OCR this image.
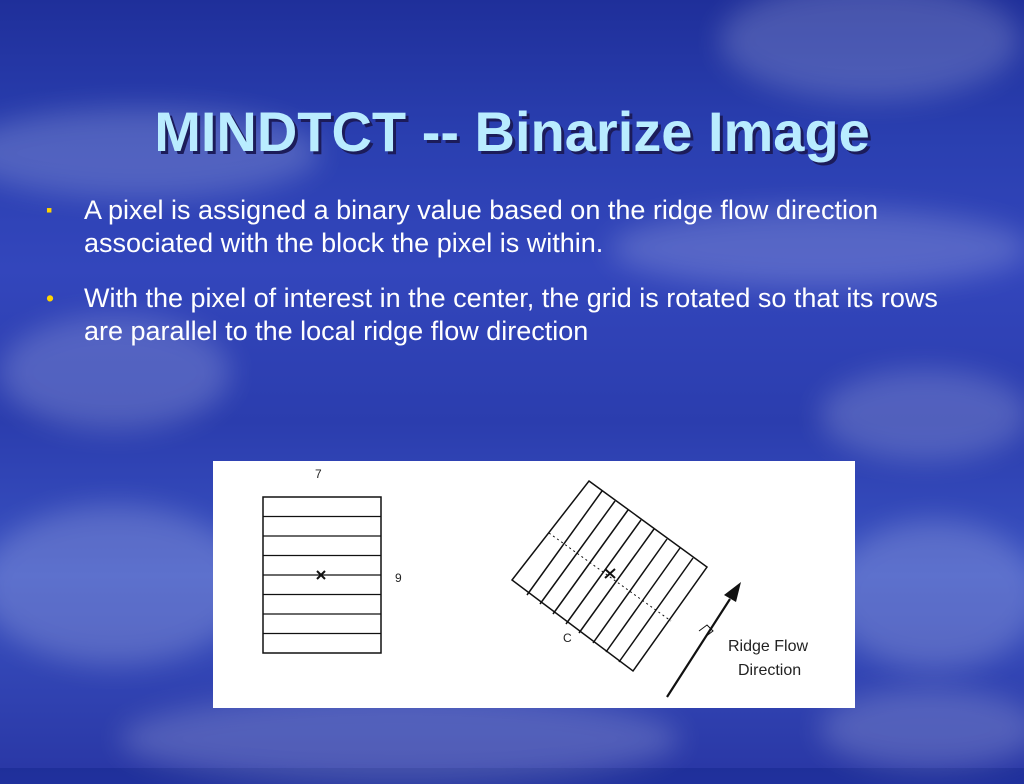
MINDTCT -- Binarize Image
▪	A pixel is assigned a binary value based on the ridge flow direction associated with the block the pixel is within.
•	With the pixel of interest in the center, the grid is rotated so that its rows are parallel to the local ridge flow direction
7
9
C	Ridge Flow
Direction
